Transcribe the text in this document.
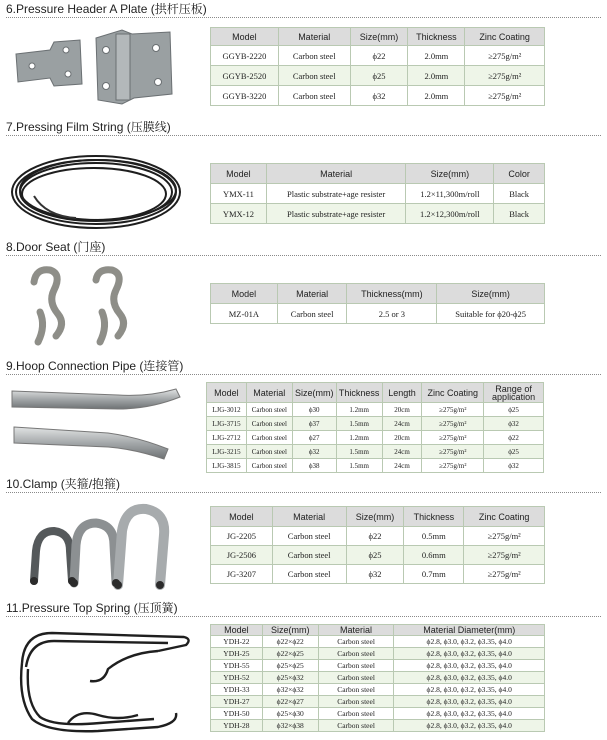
6.Pressure Header A Plate (拱杆压板)
Model	Material	Size(mm)	Thickness	Zinc Coating
GGYB-2220	Carbon steel	ϕ22	2.0mm	≥275g/m²
GGYB-2520	Carbon steel	ϕ25	2.0mm	≥275g/m²
GGYB-3220	Carbon steel	ϕ32	2.0mm	≥275g/m²
7.Pressing Film String (压膜线)
Model	Material	Size(mm)	Color
YMX-11	Plastic substrate+age resister	1.2×11,300m/roll	Black
YMX-12	Plastic substrate+age resister	1.2×12,300m/roll	Black
8.Door Seat (门座)
Model	Material	Thickness(mm)	Size(mm)
MZ-01A	Carbon steel	2.5 or 3	Suitable for ϕ20-ϕ25
9.Hoop Connection Pipe (连接管)
Model	Material	Size(mm)	Thickness	Length	Zinc Coating	Range of application
LJG-3012	Carbon steel	ϕ30	1.2mm	20cm	≥275g/m²	ϕ25
LJG-3715	Carbon steel	ϕ37	1.5mm	24cm	≥275g/m²	ϕ32
LJG-2712	Carbon steel	ϕ27	1.2mm	20cm	≥275g/m²	ϕ22
LJG-3215	Carbon steel	ϕ32	1.5mm	24cm	≥275g/m²	ϕ25
LJG-3815	Carbon steel	ϕ38	1.5mm	24cm	≥275g/m²	ϕ32
10.Clamp (夹箍/抱箍)
Model	Material	Size(mm)	Thickness	Zinc Coating
JG-2205	Carbon steel	ϕ22	0.5mm	≥275g/m²
JG-2506	Carbon steel	ϕ25	0.6mm	≥275g/m²
JG-3207	Carbon steel	ϕ32	0.7mm	≥275g/m²
11.Pressure Top Spring (压顶簧)
Model	Size(mm)	Material	Material Diameter(mm)
YDH-22	ϕ22×ϕ22	Carbon steel	ϕ2.8, ϕ3.0, ϕ3.2, ϕ3.35, ϕ4.0
YDH-25	ϕ22×ϕ25	Carbon steel	ϕ2.8, ϕ3.0, ϕ3.2, ϕ3.35, ϕ4.0
YDH-55	ϕ25×ϕ25	Carbon steel	ϕ2.8, ϕ3.0, ϕ3.2, ϕ3.35, ϕ4.0
YDH-52	ϕ25×ϕ32	Carbon steel	ϕ2.8, ϕ3.0, ϕ3.2, ϕ3.35, ϕ4.0
YDH-33	ϕ32×ϕ32	Carbon steel	ϕ2.8, ϕ3.0, ϕ3.2, ϕ3.35, ϕ4.0
YDH-27	ϕ22×ϕ27	Carbon steel	ϕ2.8, ϕ3.0, ϕ3.2, ϕ3.35, ϕ4.0
YDH-50	ϕ25×ϕ30	Carbon steel	ϕ2.8, ϕ3.0, ϕ3.2, ϕ3.35, ϕ4.0
YDH-28	ϕ32×ϕ38	Carbon steel	ϕ2.8, ϕ3.0, ϕ3.2, ϕ3.35, ϕ4.0
